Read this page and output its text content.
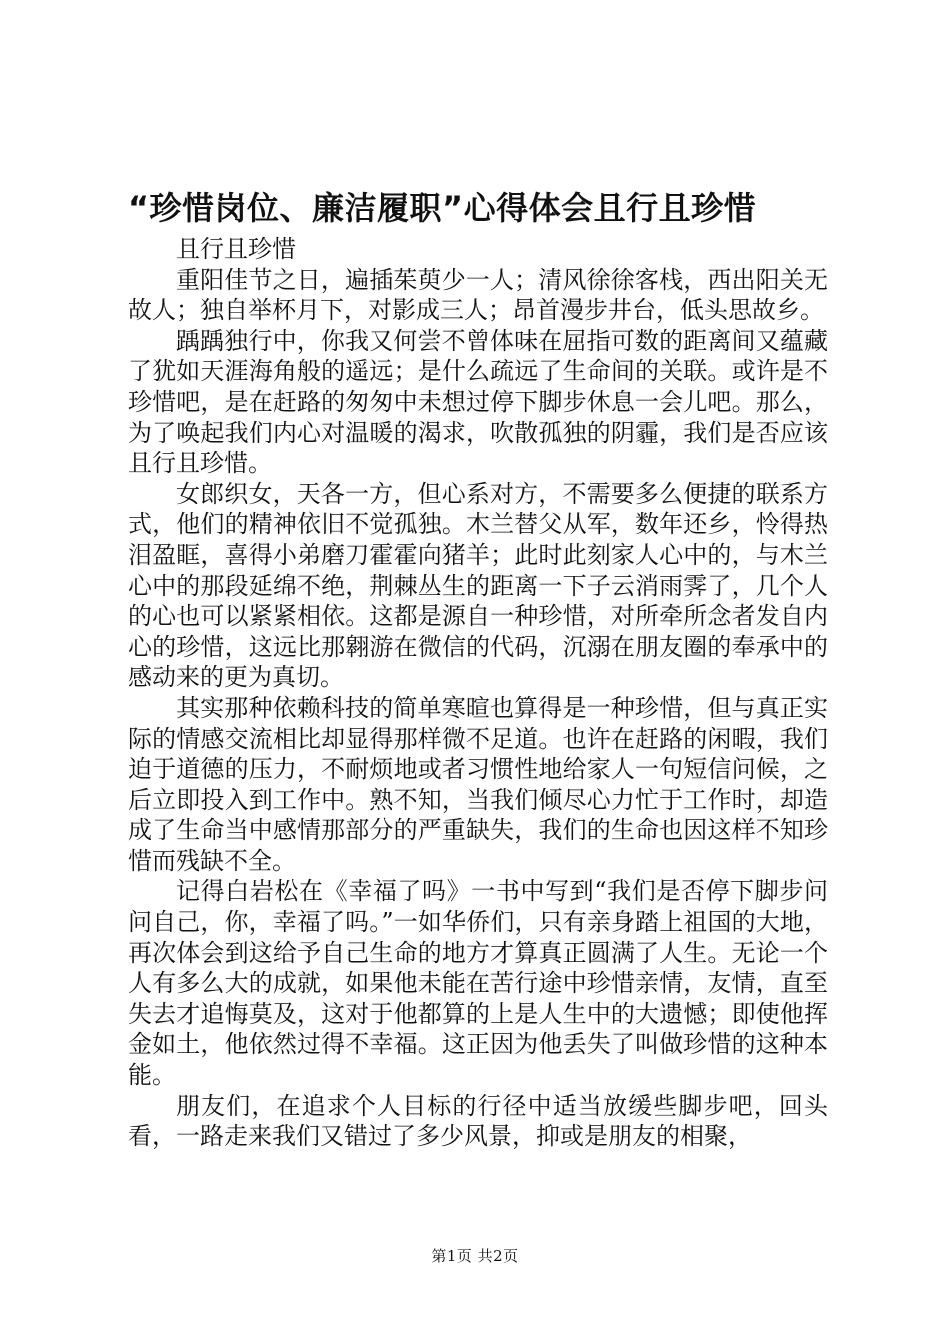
“珍惜岗位、廉洁履职”心得体会且行且珍惜

且行且珍惜

重阳佳节之日，遍插茱萸少一人；清风徐徐客栈，西出阳关无故人；独自举杯月下，对影成三人；昂首漫步井台，低头思故乡。

踽踽独行中，你我又何尝不曾体味在屈指可数的距离间又蕴藏了犹如天涯海角般的遥远；是什么疏远了生命间的关联。或许是不珍惜吧，是在赶路的匆匆中未想过停下脚步休息一会儿吧。那么，为了唤起我们内心对温暖的渴求，吹散孤独的阴霾，我们是否应该且行且珍惜。

女郎织女，天各一方，但心系对方，不需要多么便捷的联系方式，他们的精神依旧不觉孤独。木兰替父从军，数年还乡，怜得热泪盈眶，喜得小弟磨刀霍霍向猪羊；此时此刻家人心中的，与木兰心中的那段延绵不绝，荆棘丛生的距离一下子云消雨霁了，几个人的心也可以紧紧相依。这都是源自一种珍惜，对所牵所念者发自内心的珍惜，这远比那翱游在微信的代码，沉溺在朋友圈的奉承中的感动来的更为真切。

其实那种依赖科技的简单寒暄也算得是一种珍惜，但与真正实际的情感交流相比却显得那样微不足道。也许在赶路的闲暇，我们迫于道德的压力，不耐烦地或者习惯性地给家人一句短信问候，之后立即投入到工作中。熟不知，当我们倾尽心力忙于工作时，却造成了生命当中感情那部分的严重缺失，我们的生命也因这样不知珍惜而残缺不全。

记得白岩松在《幸福了吗》一书中写到“我们是否停下脚步问问自己，你，幸福了吗。”一如华侨们，只有亲身踏上祖国的大地，再次体会到这给予自己生命的地方才算真正圆满了人生。无论一个人有多么大的成就，如果他未能在苦行途中珍惜亲情，友情，直至失去才追悔莫及，这对于他都算的上是人生中的大遗憾；即使他挥金如土，他依然过得不幸福。这正因为他丢失了叫做珍惜的这种本能。

朋友们，在追求个人目标的行径中适当放缓些脚步吧，回头看，一路走来我们又错过了多少风景，抑或是朋友的相聚，

第1页 共2页
